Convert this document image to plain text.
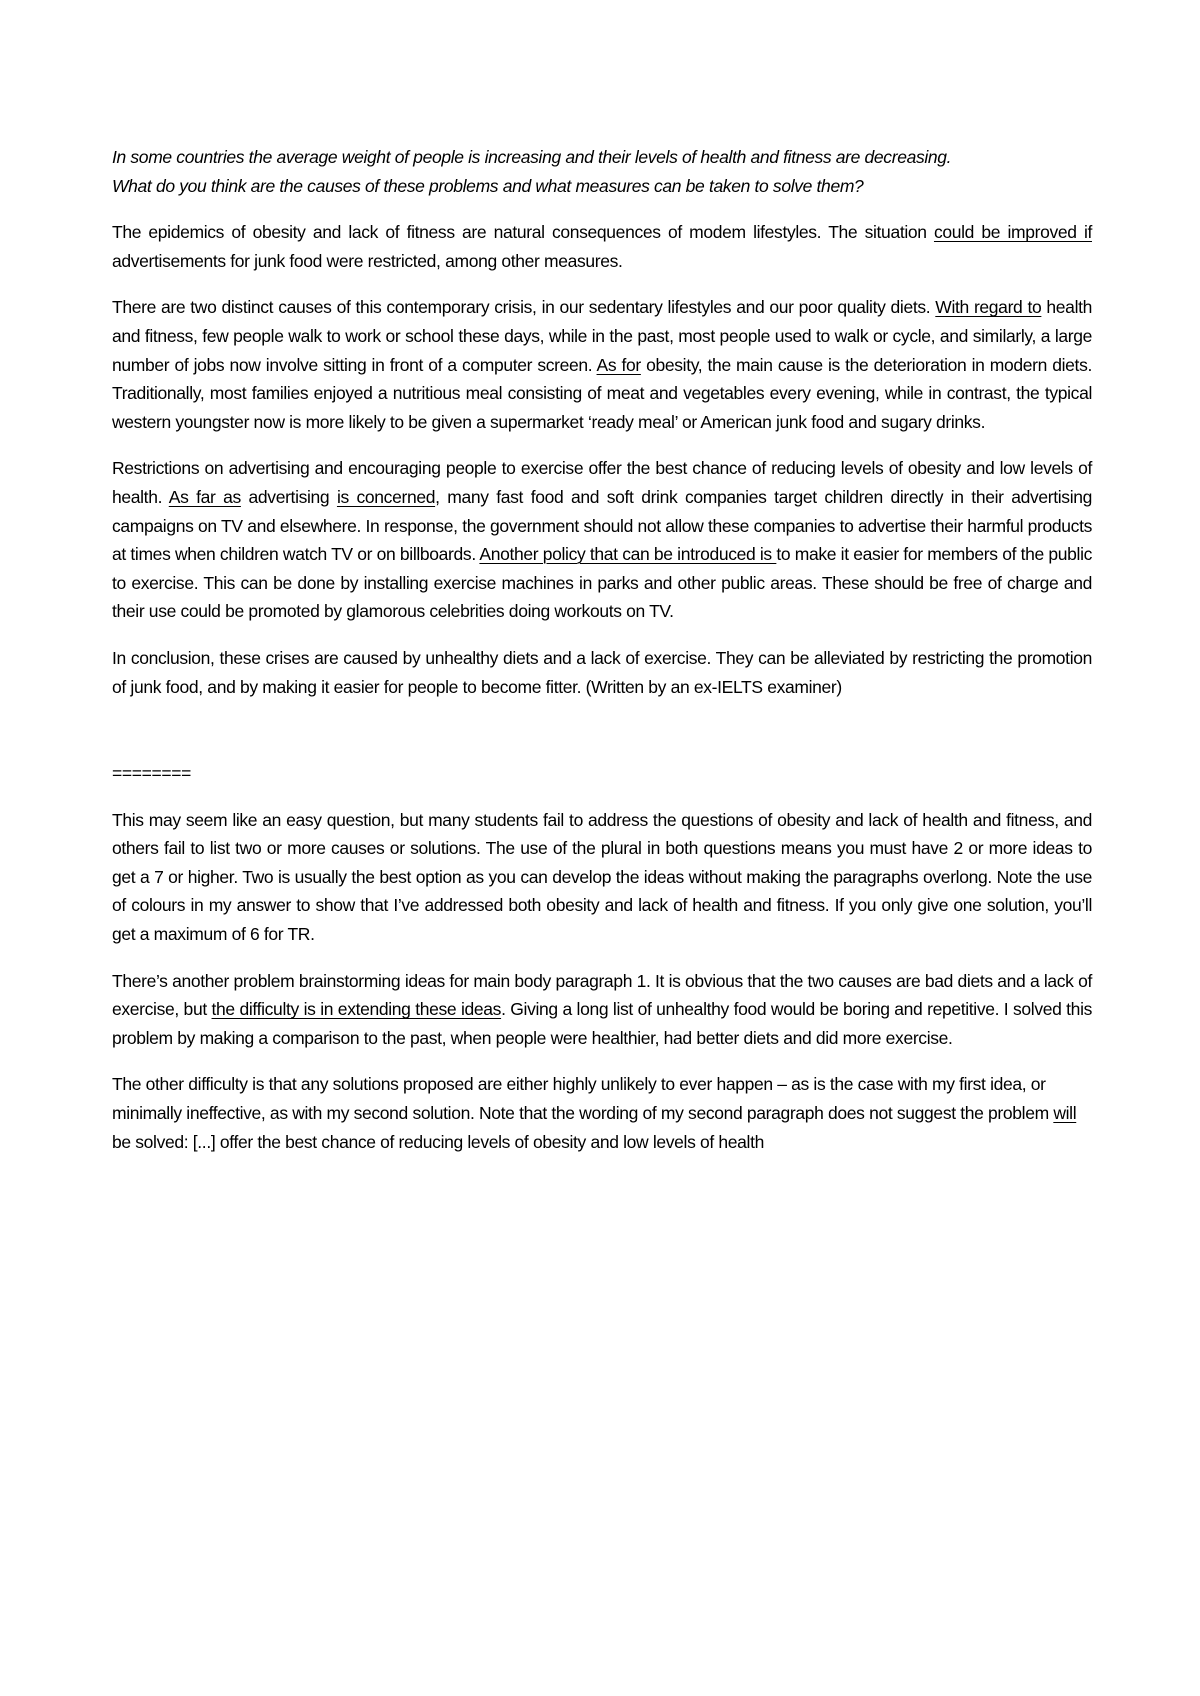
In some countries the average weight of people is increasing and their levels of health and fitness are decreasing.
What do you think are the causes of these problems and what measures can be taken to solve them?

The epidemics of obesity and lack of fitness are natural consequences of modem lifestyles. The situation could be improved if advertisements for junk food were restricted, among other measures.

There are two distinct causes of this contemporary crisis, in our sedentary lifestyles and our poor quality diets. With regard to health and fitness, few people walk to work or school these days, while in the past, most people used to walk or cycle, and similarly, a large number of jobs now involve sitting in front of a computer screen. As for obesity, the main cause is the deterioration in modern diets. Traditionally, most families enjoyed a nutritious meal consisting of meat and vegetables every evening, while in contrast, the typical western youngster now is more likely to be given a supermarket ‘ready meal’ or American junk food and sugary drinks.

Restrictions on advertising and encouraging people to exercise offer the best chance of reducing levels of obesity and low levels of health. As far as advertising is concerned, many fast food and soft drink companies target children directly in their advertising campaigns on TV and elsewhere. In response, the government should not allow these companies to advertise their harmful products at times when children watch TV or on billboards. Another policy that can be introduced is to make it easier for members of the public to exercise. This can be done by installing exercise machines in parks and other public areas. These should be free of charge and their use could be promoted by glamorous celebrities doing workouts on TV.

In conclusion, these crises are caused by unhealthy diets and a lack of exercise. They can be alleviated by restricting the promotion of junk food, and by making it easier for people to become fitter. (Written by an ex-IELTS examiner)

========

This may seem like an easy question, but many students fail to address the questions of obesity and lack of health and fitness, and others fail to list two or more causes or solutions. The use of the plural in both questions means you must have 2 or more ideas to get a 7 or higher. Two is usually the best option as you can develop the ideas without making the paragraphs overlong. Note the use of colours in my answer to show that I’ve addressed both obesity and lack of health and fitness. If you only give one solution, you’ll get a maximum of 6 for TR.

There’s another problem brainstorming ideas for main body paragraph 1. It is obvious that the two causes are bad diets and a lack of exercise, but the difficulty is in extending these ideas. Giving a long list of unhealthy food would be boring and repetitive. I solved this problem by making a comparison to the past, when people were healthier, had better diets and did more exercise.

The other difficulty is that any solutions proposed are either highly unlikely to ever happen – as is the case with my first idea, or minimally ineffective, as with my second solution. Note that the wording of my second paragraph does not suggest the problem will be solved: [...] offer the best chance of reducing levels of obesity and low levels of health
